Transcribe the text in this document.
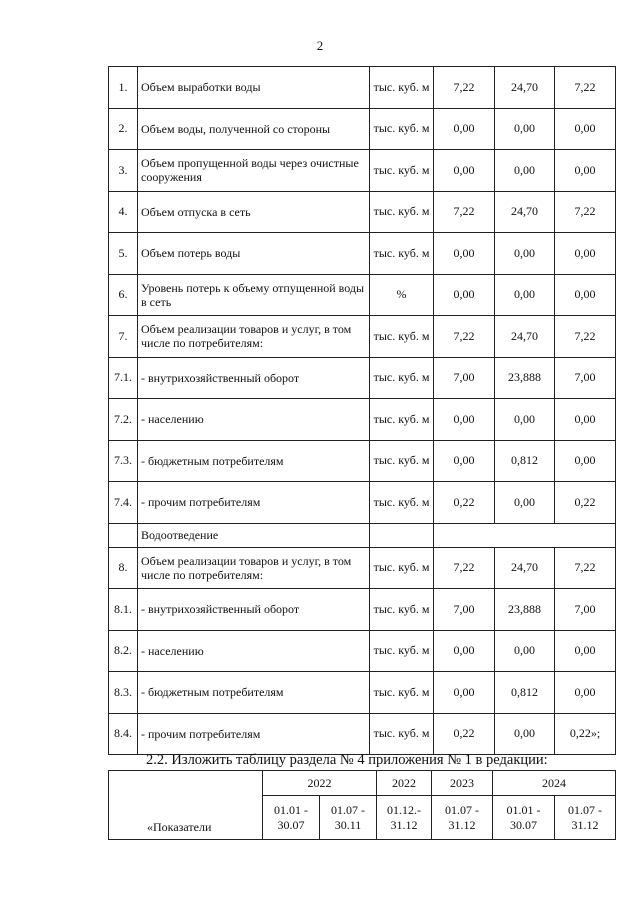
2
1.	Объем выработки воды	тыс. куб. м	7,22	24,70	7,22
2.	Объем воды, полученной со стороны	тыс. куб. м	0,00	0,00	0,00
3.	Объем пропущенной воды через очистные сооружения	тыс. куб. м	0,00	0,00	0,00
4.	Объем отпуска в сеть	тыс. куб. м	7,22	24,70	7,22
5.	Объем потерь воды	тыс. куб. м	0,00	0,00	0,00
6.	Уровень потерь к объему отпущенной воды в сеть	%	0,00	0,00	0,00
7.	Объем реализации товаров и услуг, в том числе по потребителям:	тыс. куб. м	7,22	24,70	7,22
7.1.	- внутрихозяйственный оборот	тыс. куб. м	7,00	23,888	7,00
7.2.	- населению	тыс. куб. м	0,00	0,00	0,00
7.3.	- бюджетным потребителям	тыс. куб. м	0,00	0,812	0,00
7.4.	- прочим потребителям	тыс. куб. м	0,22	0,00	0,22
	Водоотведение				
8.	Объем реализации товаров и услуг, в том числе по потребителям:	тыс. куб. м	7,22	24,70	7,22
8.1.	- внутрихозяйственный оборот	тыс. куб. м	7,00	23,888	7,00
8.2.	- населению	тыс. куб. м	0,00	0,00	0,00
8.3.	- бюджетным потребителям	тыс. куб. м	0,00	0,812	0,00
8.4.	- прочим потребителям	тыс. куб. м	0,22	0,00	0,22»;
2.2. Изложить таблицу раздела № 4 приложения № 1 в редакции:
«Показатели	2022		2022	2023	2024	
	01.01 - 30.07	01.07 - 30.11	01.12.- 31.12	01.07 - 31.12	01.01 - 30.07	01.07 - 31.12
